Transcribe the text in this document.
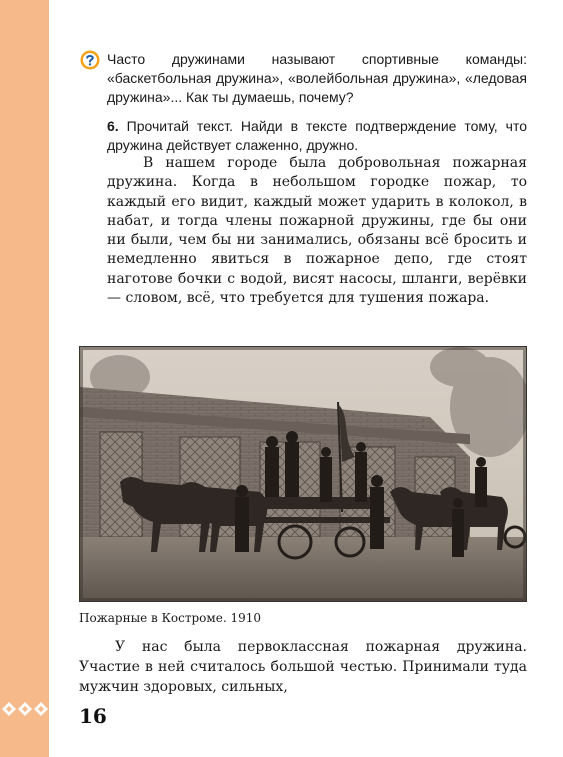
Часто дружинами называют спортивные команды: «баскетбольная дружина», «волейбольная дружина», «ледовая дружина»... Как ты думаешь, почему?
6. Прочитай текст. Найди в тексте подтверждение тому, что дружина действует слаженно, дружно.

В нашем городе была добровольная пожарная дружина. Когда в небольшом городке пожар, то каждый его видит, каждый может ударить в колокол, в набат, и тогда члены пожарной дружины, где бы они ни были, чем бы ни занимались, обязаны всё бросить и немедленно явиться в пожарное депо, где стоят наготове бочки с водой, висят насосы, шланги, верёвки — словом, всё, что требуется для тушения пожара.

Пожарные в Костроме. 1910

У нас была первоклассная пожарная дружина. Участие в ней считалось большой честью. Принимали туда мужчин здоровых, сильных,

16
